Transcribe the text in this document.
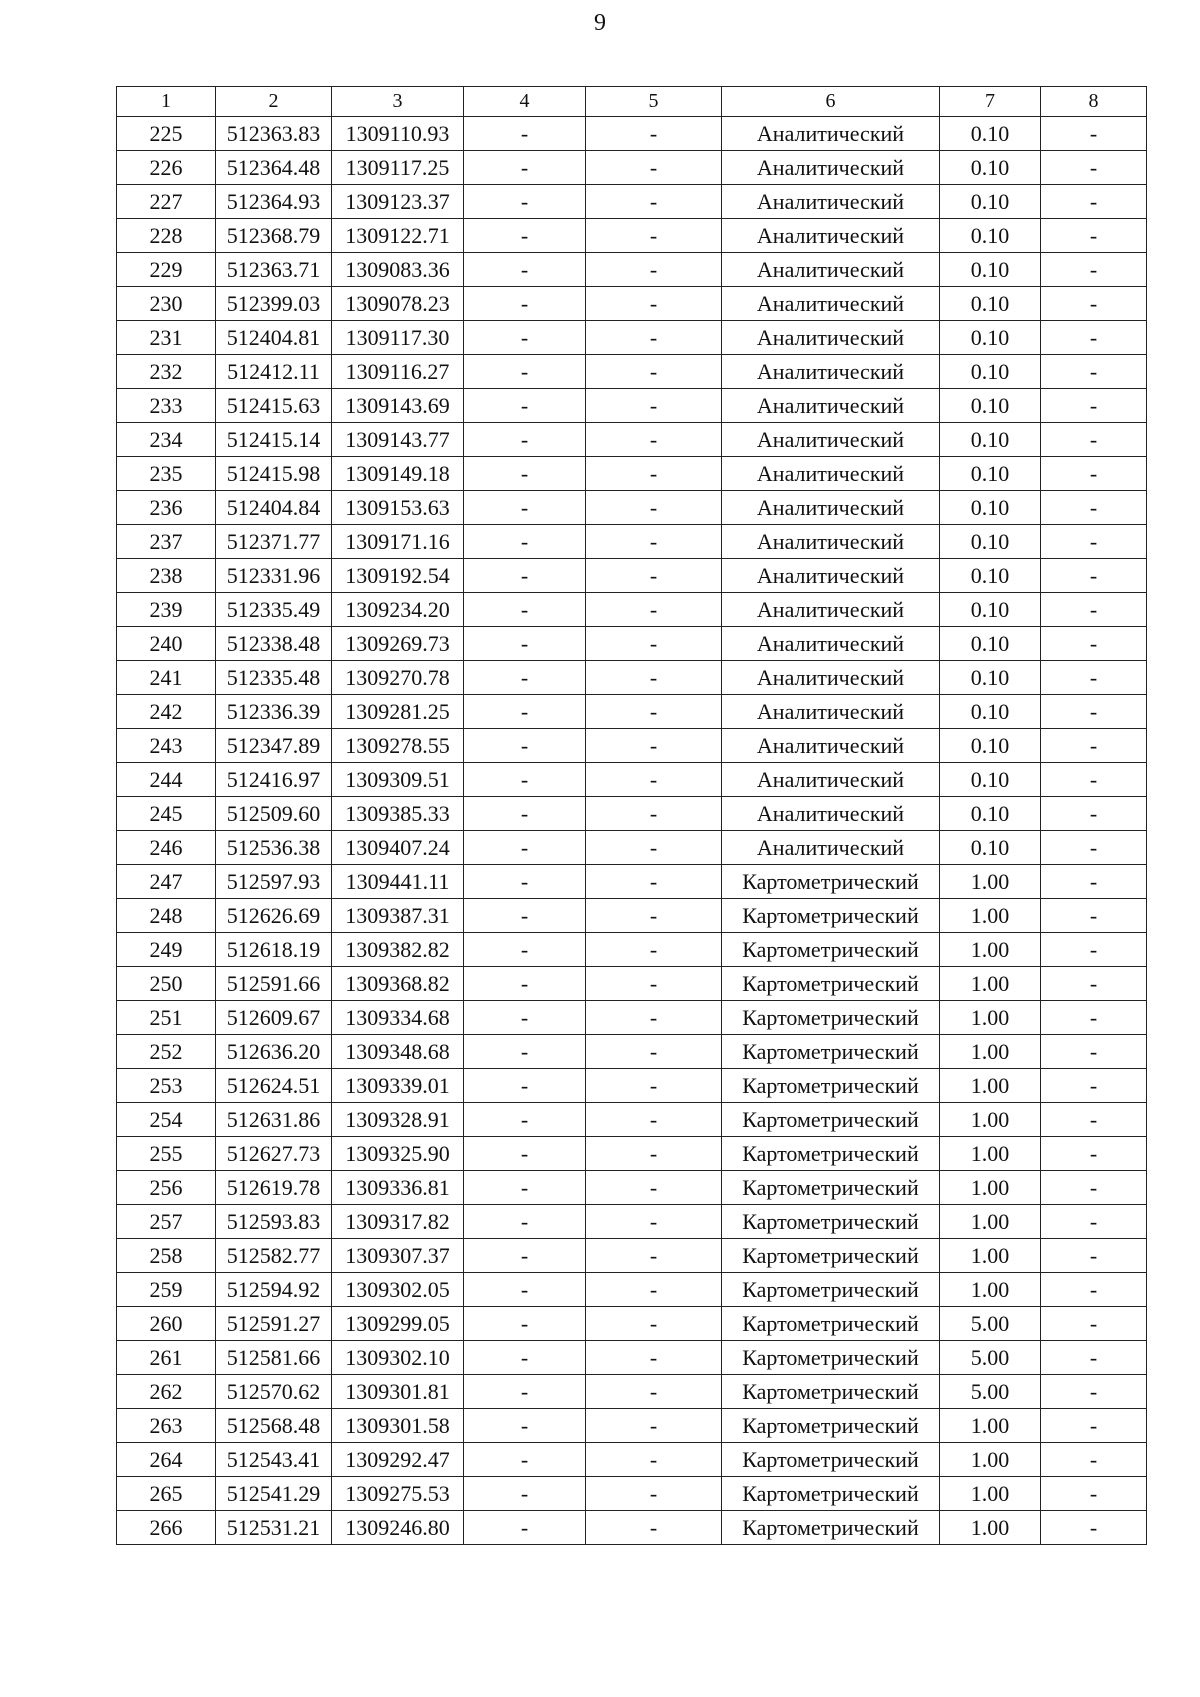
9
1	2	3	4	5	6	7	8
225	512363.83	1309110.93	-	-	Аналитический	0.10	-
226	512364.48	1309117.25	-	-	Аналитический	0.10	-
227	512364.93	1309123.37	-	-	Аналитический	0.10	-
228	512368.79	1309122.71	-	-	Аналитический	0.10	-
229	512363.71	1309083.36	-	-	Аналитический	0.10	-
230	512399.03	1309078.23	-	-	Аналитический	0.10	-
231	512404.81	1309117.30	-	-	Аналитический	0.10	-
232	512412.11	1309116.27	-	-	Аналитический	0.10	-
233	512415.63	1309143.69	-	-	Аналитический	0.10	-
234	512415.14	1309143.77	-	-	Аналитический	0.10	-
235	512415.98	1309149.18	-	-	Аналитический	0.10	-
236	512404.84	1309153.63	-	-	Аналитический	0.10	-
237	512371.77	1309171.16	-	-	Аналитический	0.10	-
238	512331.96	1309192.54	-	-	Аналитический	0.10	-
239	512335.49	1309234.20	-	-	Аналитический	0.10	-
240	512338.48	1309269.73	-	-	Аналитический	0.10	-
241	512335.48	1309270.78	-	-	Аналитический	0.10	-
242	512336.39	1309281.25	-	-	Аналитический	0.10	-
243	512347.89	1309278.55	-	-	Аналитический	0.10	-
244	512416.97	1309309.51	-	-	Аналитический	0.10	-
245	512509.60	1309385.33	-	-	Аналитический	0.10	-
246	512536.38	1309407.24	-	-	Аналитический	0.10	-
247	512597.93	1309441.11	-	-	Картометрический	1.00	-
248	512626.69	1309387.31	-	-	Картометрический	1.00	-
249	512618.19	1309382.82	-	-	Картометрический	1.00	-
250	512591.66	1309368.82	-	-	Картометрический	1.00	-
251	512609.67	1309334.68	-	-	Картометрический	1.00	-
252	512636.20	1309348.68	-	-	Картометрический	1.00	-
253	512624.51	1309339.01	-	-	Картометрический	1.00	-
254	512631.86	1309328.91	-	-	Картометрический	1.00	-
255	512627.73	1309325.90	-	-	Картометрический	1.00	-
256	512619.78	1309336.81	-	-	Картометрический	1.00	-
257	512593.83	1309317.82	-	-	Картометрический	1.00	-
258	512582.77	1309307.37	-	-	Картометрический	1.00	-
259	512594.92	1309302.05	-	-	Картометрический	1.00	-
260	512591.27	1309299.05	-	-	Картометрический	5.00	-
261	512581.66	1309302.10	-	-	Картометрический	5.00	-
262	512570.62	1309301.81	-	-	Картометрический	5.00	-
263	512568.48	1309301.58	-	-	Картометрический	1.00	-
264	512543.41	1309292.47	-	-	Картометрический	1.00	-
265	512541.29	1309275.53	-	-	Картометрический	1.00	-
266	512531.21	1309246.80	-	-	Картометрический	1.00	-
